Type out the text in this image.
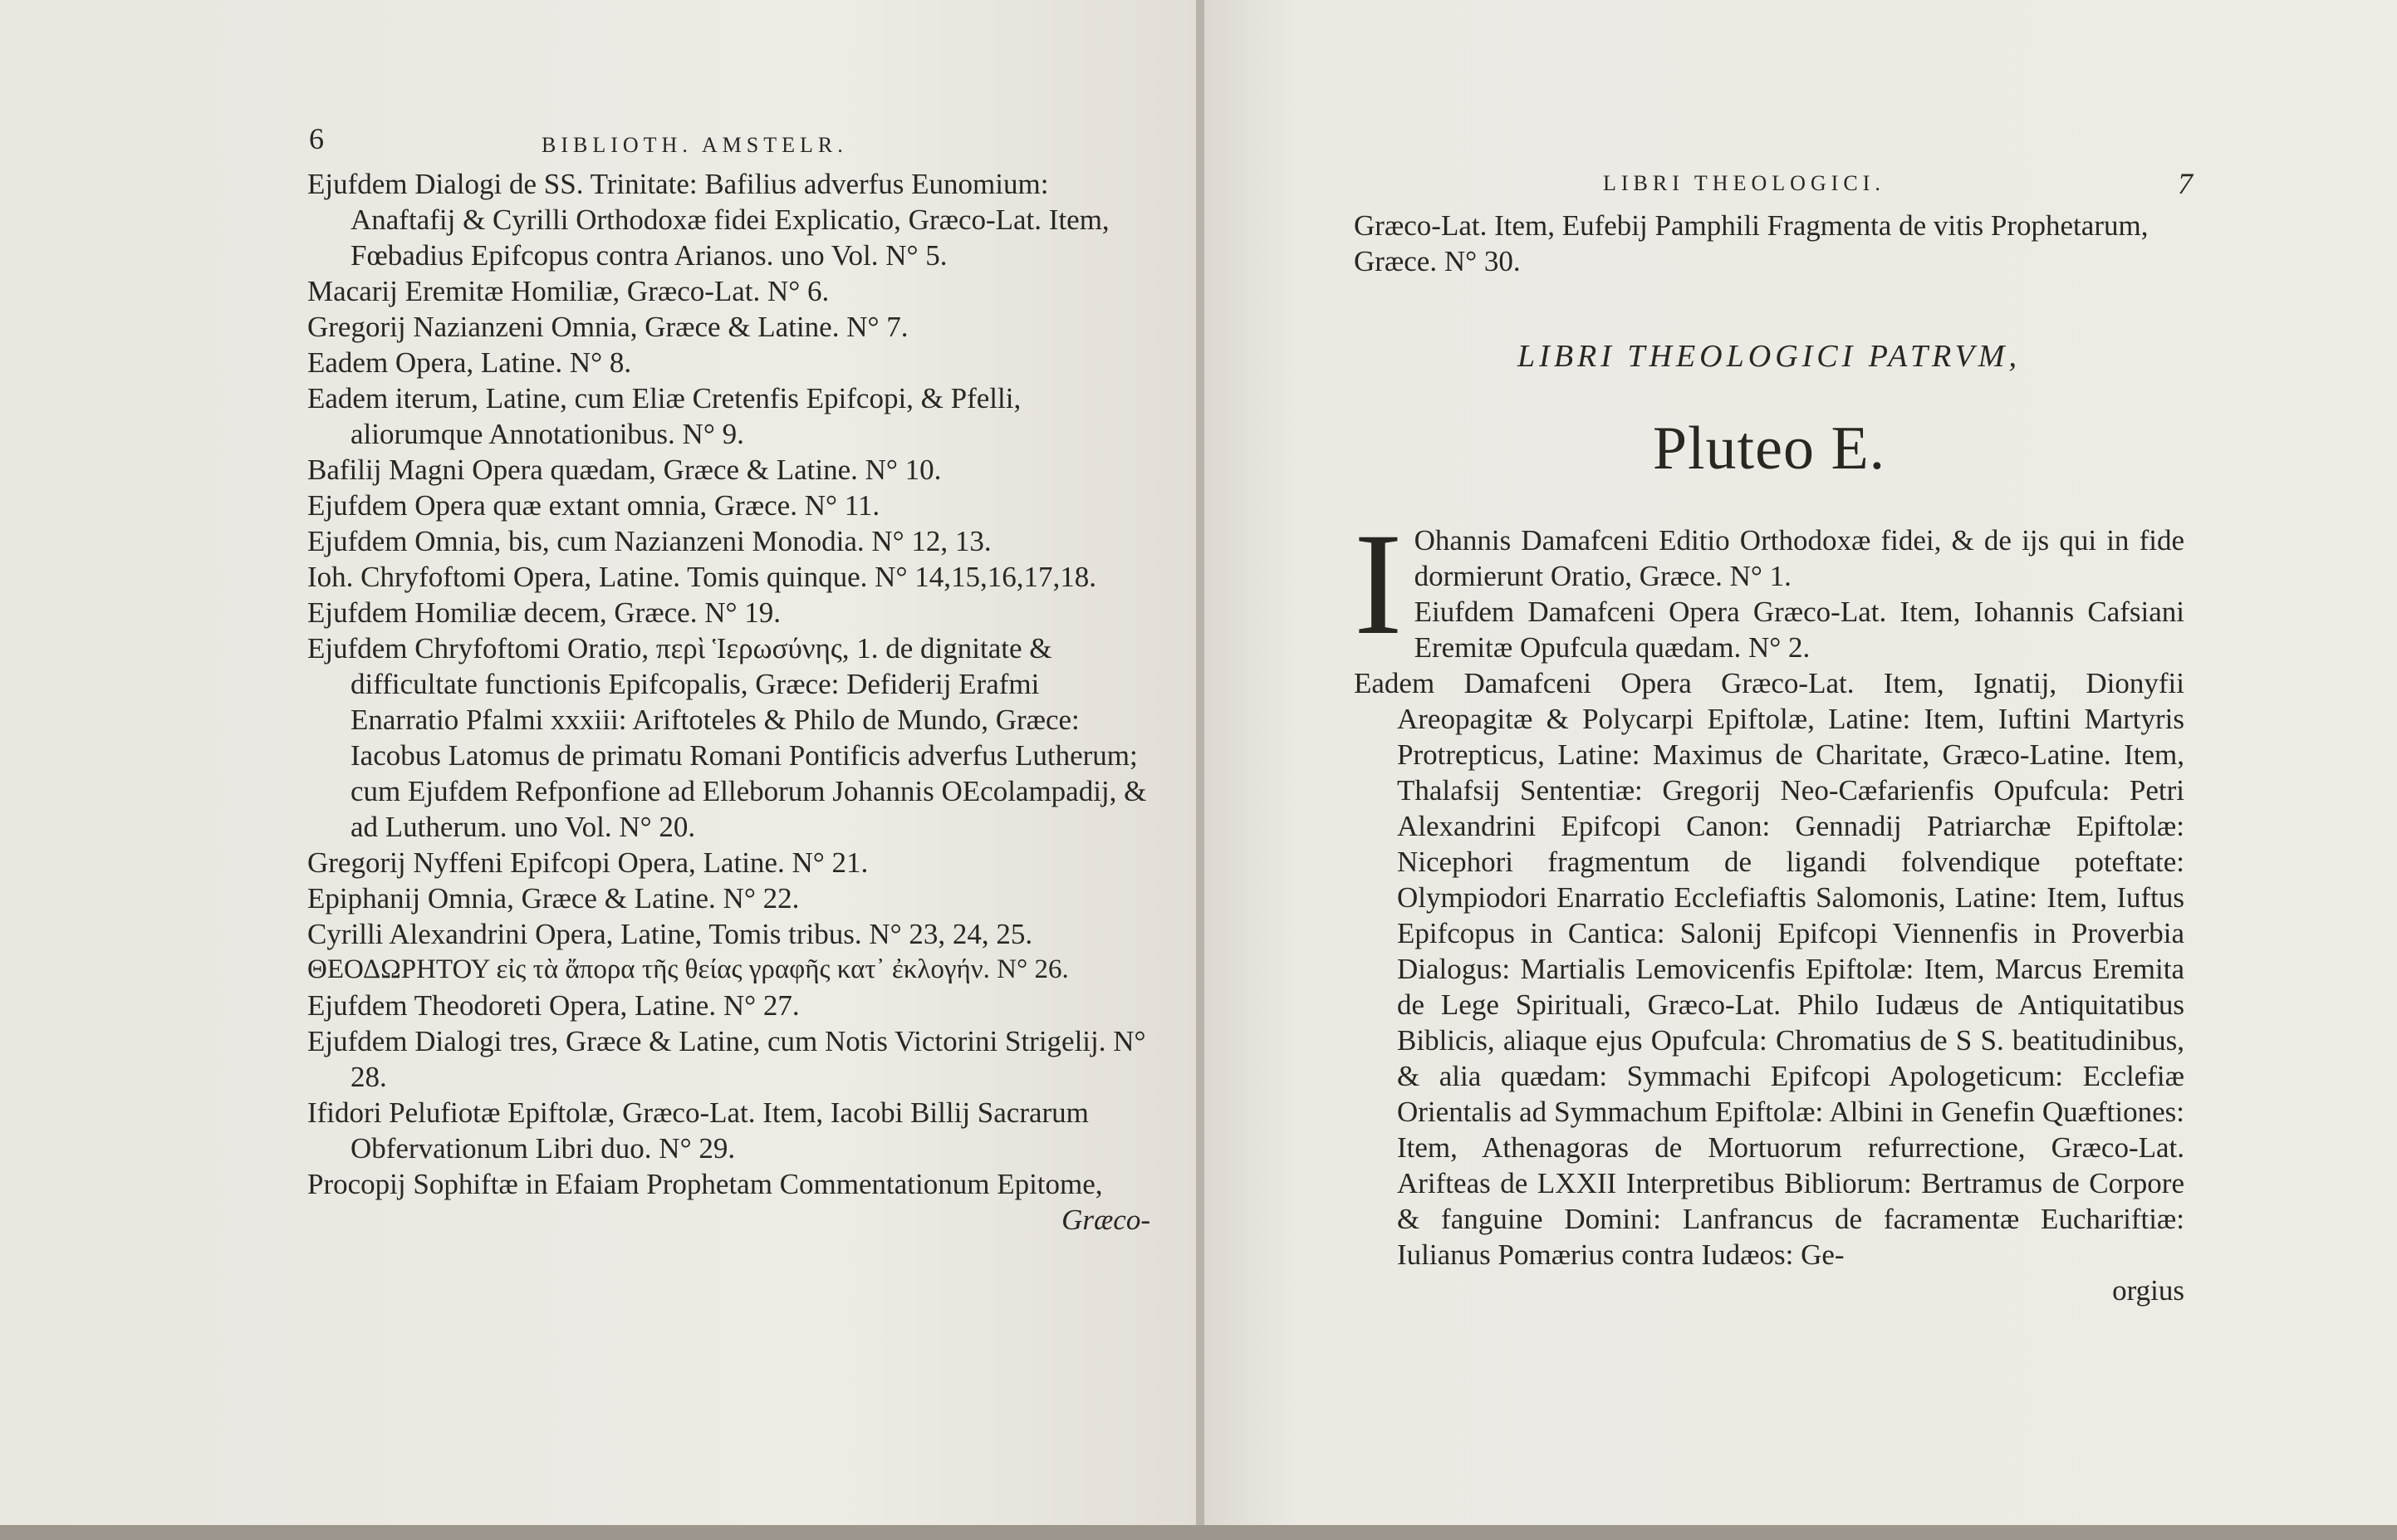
6	BIBLIOTH. AMSTELR.

Ejufdem Dialogi de SS. Trinitate: Bafilius adverfus Eunomium: Anaftafij & Cyrilli Orthodoxæ fidei Explicatio, Græco-Lat. Item, Fœbadius Epifcopus contra Arianos. uno Vol. N° 5.

Macarij Eremitæ Homiliæ, Græco-Lat. N° 6.

Gregorij Nazianzeni Omnia, Græce & Latine. N° 7.

Eadem Opera, Latine. N° 8.

Eadem iterum, Latine, cum Eliæ Cretenfis Epifcopi, & Pfelli, aliorumque Annotationibus. N° 9.

Bafilij Magni Opera quædam, Græce & Latine. N° 10.

Ejufdem Opera quæ extant omnia, Græce. N° 11.

Ejufdem Omnia, bis, cum Nazianzeni Monodia. N° 12, 13.

Ioh. Chryfoftomi Opera, Latine. Tomis quinque. N° 14,15,16,17,18.

Ejufdem Homiliæ decem, Græce. N° 19.

Ejufdem Chryfoftomi Oratio, περὶ Ἱερωσύνης, 1. de dignitate & difficultate functionis Epifcopalis, Græce: Defiderij Erafmi Enarratio Pfalmi xxxiii: Ariftoteles & Philo de Mundo, Græce: Iacobus Latomus de primatu Romani Pontificis adverfus Lutherum; cum Ejufdem Refponfione ad Elleborum Johannis OEcolampadij, & ad Lutherum. uno Vol. N° 20.

Gregorij Nyffeni Epifcopi Opera, Latine. N° 21.

Epiphanij Omnia, Græce & Latine. N° 22.

Cyrilli Alexandrini Opera, Latine, Tomis tribus. N° 23, 24, 25.

ΘΕΟΔΩΡΗΤΟΥ εἰς τὰ ἄπορα τῆς θείας γραφῆς κατ᾽ ἐκλογήν. N° 26.

Ejufdem Theodoreti Opera, Latine. N° 27.

Ejufdem Dialogi tres, Græce & Latine, cum Notis Victorini Strigelij. N° 28.

Ifidori Pelufiotæ Epiftolæ, Græco-Lat. Item, Iacobi Billij Sacrarum Obfervationum Libri duo. N° 29.

Procopij Sophiftæ in Efaiam Prophetam Commentationum Epitome,

Græco-

LIBRI THEOLOGICI.	7

Græco-Lat. Item, Eufebij Pamphili Fragmenta de vitis Prophetarum, Græce. N° 30.

LIBRI THEOLOGICI PATRVM,

Pluteo E.

I Ohannis Damafceni Editio Orthodoxæ fidei, & de ijs qui in fide dormierunt Oratio, Græce. N° 1.
Eiufdem Damafceni Opera Græco-Lat. Item, Iohannis Cafsiani Eremitæ Opufcula quædam. N° 2.

Eadem Damafceni Opera Græco-Lat. Item, Ignatij, Dionyfii Areopagitæ & Polycarpi Epiftolæ, Latine: Item, Iuftini Martyris Protrepticus, Latine: Maximus de Charitate, Græco-Latine. Item, Thalafsij Sententiæ: Gregorij Neo-Cæfarienfis Opufcula: Petri Alexandrini Epifcopi Canon: Gennadij Patriarchæ Epiftolæ: Nicephori fragmentum de ligandi folvendique poteftate: Olympiodori Enarratio Ecclefiaftis Salomonis, Latine: Item, Iuftus Epifcopus in Cantica: Salonij Epifcopi Viennenfis in Proverbia Dialogus: Martialis Lemovicenfis Epiftolæ: Item, Marcus Eremita de Lege Spirituali, Græco-Lat. Philo Iudæus de Antiquitatibus Biblicis, aliaque ejus Opufcula: Chromatius de S S. beatitudinibus, & alia quædam: Symmachi Epifcopi Apologeticum: Ecclefiæ Orientalis ad Symmachum Epiftolæ: Albini in Genefin Quæftiones: Item, Athenagoras de Mortuorum refurrectione, Græco-Lat. Arifteas de LXXII Interpretibus Bibliorum: Bertramus de Corpore & fanguine Domini: Lanfrancus de facramentæ Euchariftiæ: Iulianus Pomærius contra Iudæos: Ge-

orgius
